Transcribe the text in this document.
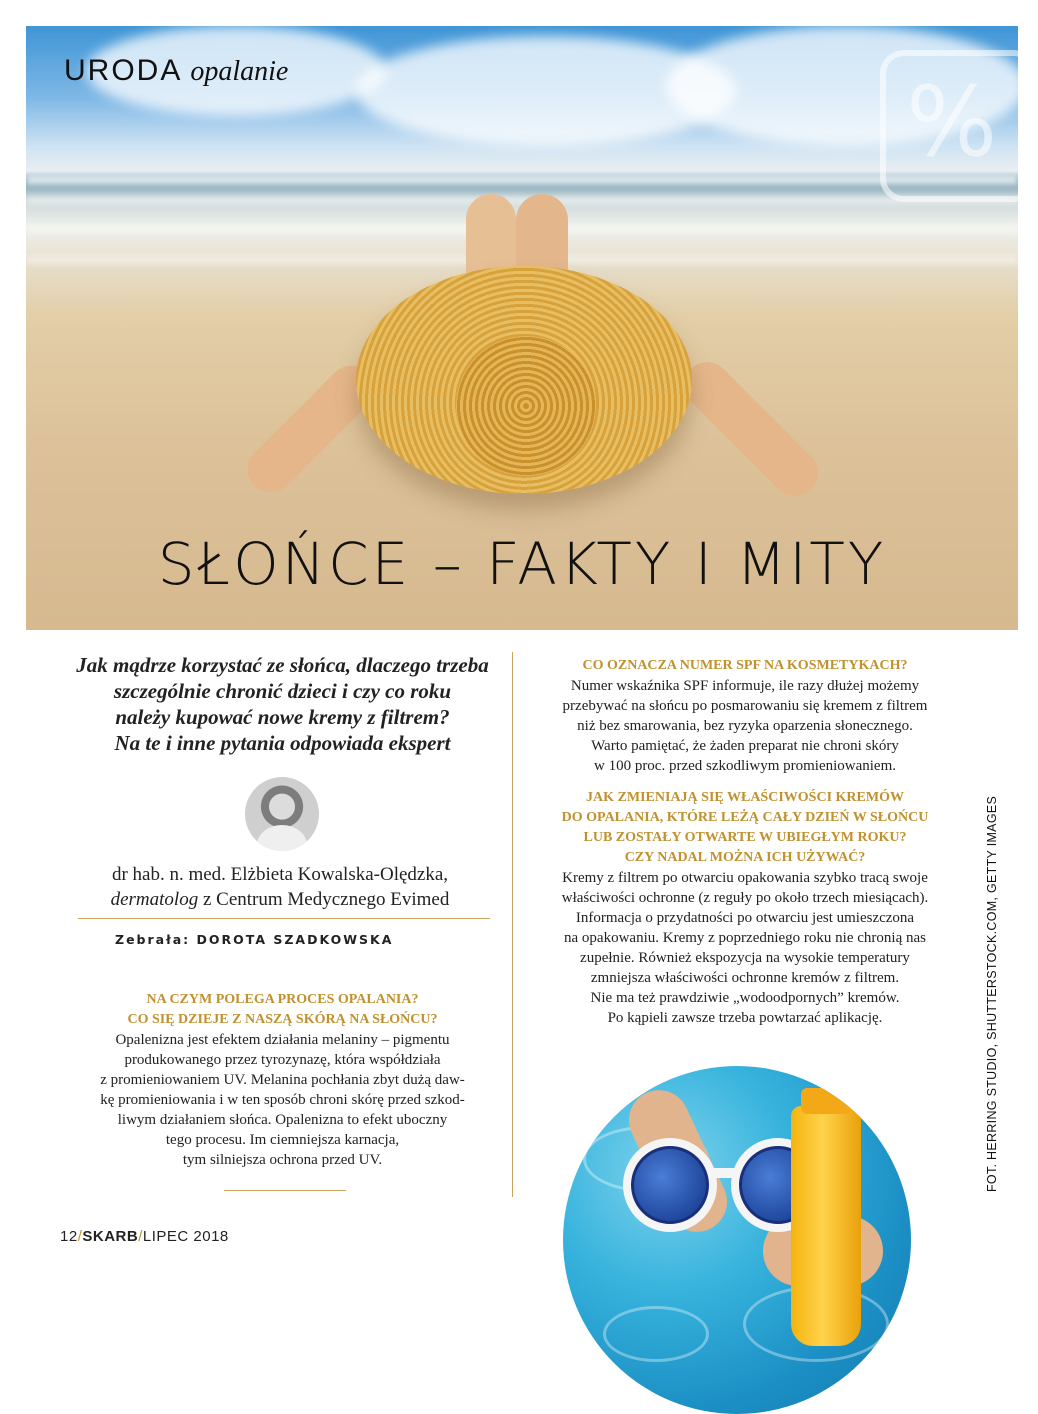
URODA opalanie	%
SŁOŃCE – FAKTY I MITY

Jak mądrze korzystać ze słońca, dlaczego trzeba

szczególnie chronić dzieci i czy co roku

należy kupować nowe kremy z filtrem?

Na te i inne pytania odpowiada ekspert

dr hab. n. med. Elżbieta Kowalska-Olędzka,
dermatolog z Centrum Medycznego Evimed
Zebrała: DOROTA SZADKOWSKA

NA CZYM POLEGA PROCES OPALANIA?

CO SIĘ DZIEJE Z NASZĄ SKÓRĄ NA SŁOŃCU?

Opalenizna jest efektem działania melaniny – pigmentu

produkowanego przez tyrozynazę, która współdziała

z promieniowaniem UV. Melanina pochłania zbyt dużą daw-

kę promieniowania i w ten sposób chroni skórę przed szkod-

liwym działaniem słońca. Opalenizna to efekt uboczny

tego procesu. Im ciemniejsza karnacja,

tym silniejsza ochrona przed UV.

CO OZNACZA NUMER SPF NA KOSMETYKACH?

Numer wskaźnika SPF informuje, ile razy dłużej możemy

przebywać na słońcu po posmarowaniu się kremem z filtrem

niż bez smarowania, bez ryzyka oparzenia słonecznego.

Warto pamiętać, że żaden preparat nie chroni skóry

w 100 proc. przed szkodliwym promieniowaniem.

JAK ZMIENIAJĄ SIĘ WŁAŚCIWOŚCI KREMÓW

DO OPALANIA, KTÓRE LEŻĄ CAŁY DZIEŃ W SŁOŃCU

LUB ZOSTAŁY OTWARTE W UBIEGŁYM ROKU?

CZY NADAL MOŻNA ICH UŻYWAĆ?

Kremy z filtrem po otwarciu opakowania szybko tracą swoje

właściwości ochronne (z reguły po około trzech miesiącach).

Informacja o przydatności po otwarciu jest umieszczona

na opakowaniu. Kremy z poprzedniego roku nie chronią nas

zupełnie. Również ekspozycja na wysokie temperatury

zmniejsza właściwości ochronne kremów z filtrem.

Nie ma też prawdziwie „wodoodpornych” kremów.

Po kąpieli zawsze trzeba powtarzać aplikację.	FOT. HERRING STUDIO, SHUTTERSTOCK.COM, GETTY IMAGES
12/SKARB/LIPEC 2018
